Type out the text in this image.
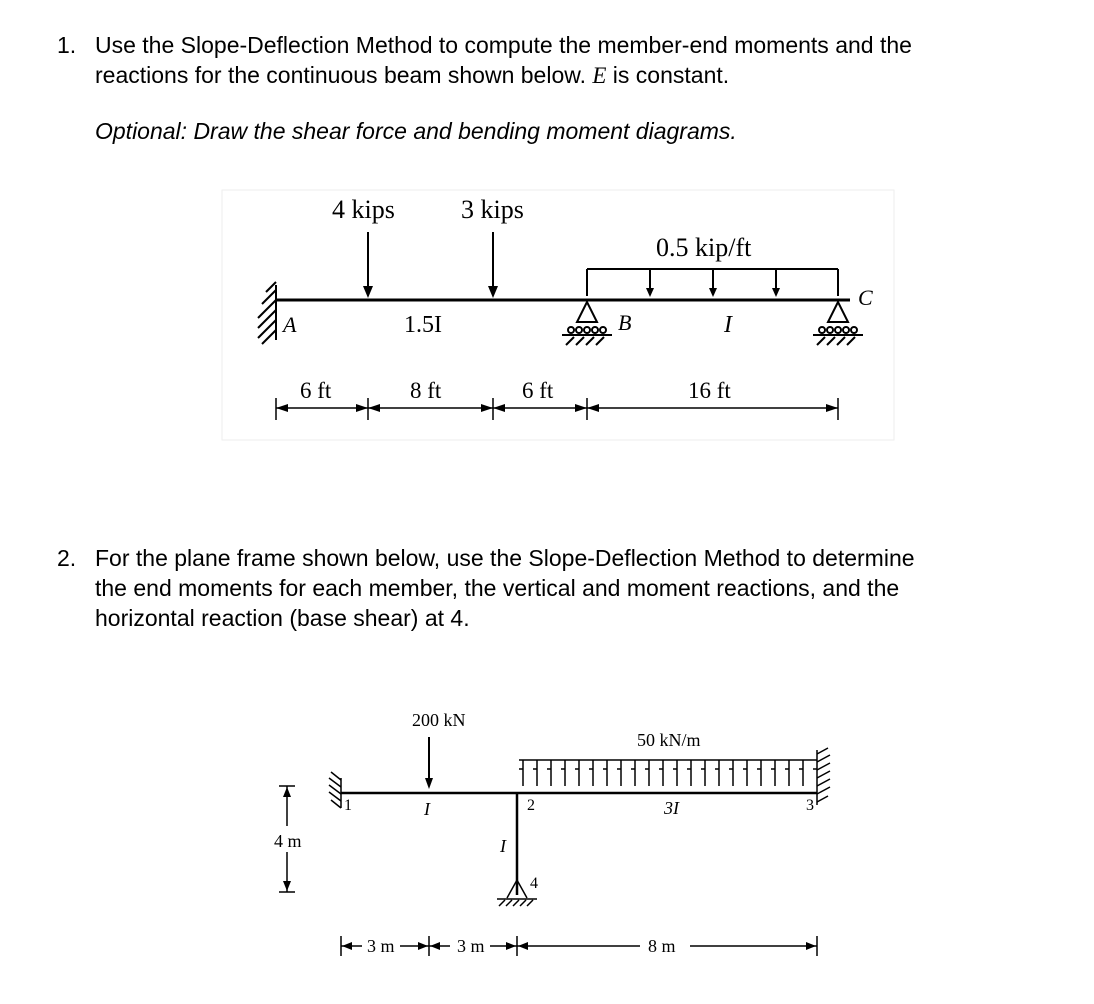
1. Use the Slope-Deflection Method to compute the member-end moments and the
reactions for the continuous beam shown below. E is constant.
Optional: Draw the shear force and bending moment diagrams.
4 kips	3 kips
0.5 kip/ft
A	B
C
1.5I	I
6 ft	8 ft	6 ft	16 ft
2. For the plane frame shown below, use the Slope-Deflection Method to determine
the end moments for each member, the vertical and moment reactions, and the
horizontal reaction (base shear) at 4.
200 kN
50 kN/m
1	2	3
4
I
I
3I
4 m
3 m	3 m	8 m
